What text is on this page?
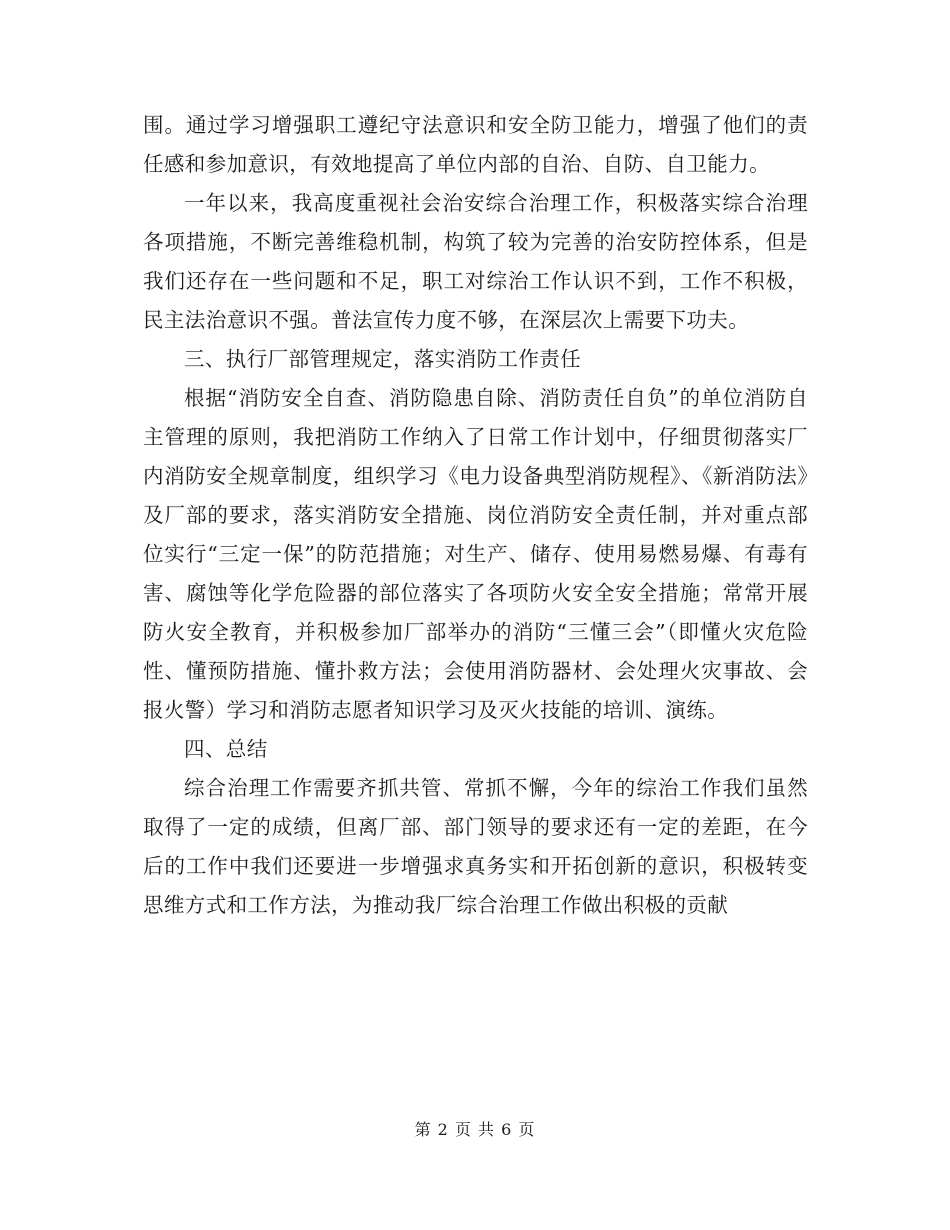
围。通过学习增强职工遵纪守法意识和安全防卫能力，增强了他们的责任感和参加意识，有效地提高了单位内部的自治、自防、自卫能力。

一年以来，我高度重视社会治安综合治理工作，积极落实综合治理各项措施，不断完善维稳机制，构筑了较为完善的治安防控体系，但是我们还存在一些问题和不足，职工对综治工作认识不到，工作不积极，民主法治意识不强。普法宣传力度不够，在深层次上需要下功夫。

三、执行厂部管理规定，落实消防工作责任

根据“消防安全自查、消防隐患自除、消防责任自负”的单位消防自主管理的原则，我把消防工作纳入了日常工作计划中，仔细贯彻落实厂内消防安全规章制度，组织学习《电力设备典型消防规程》、《新消防法》及厂部的要求，落实消防安全措施、岗位消防安全责任制，并对重点部位实行“三定一保”的防范措施；对生产、储存、使用易燃易爆、有毒有害、腐蚀等化学危险器的部位落实了各项防火安全安全措施；常常开展防火安全教育，并积极参加厂部举办的消防“三懂三会”（即懂火灾危险性、懂预防措施、懂扑救方法；会使用消防器材、会处理火灾事故、会报火警）学习和消防志愿者知识学习及灭火技能的培训、演练。

四、总结

综合治理工作需要齐抓共管、常抓不懈，今年的综治工作我们虽然取得了一定的成绩，但离厂部、部门领导的要求还有一定的差距，在今后的工作中我们还要进一步增强求真务实和开拓创新的意识，积极转变思维方式和工作方法，为推动我厂综合治理工作做出积极的贡献

第 2 页 共 6 页
